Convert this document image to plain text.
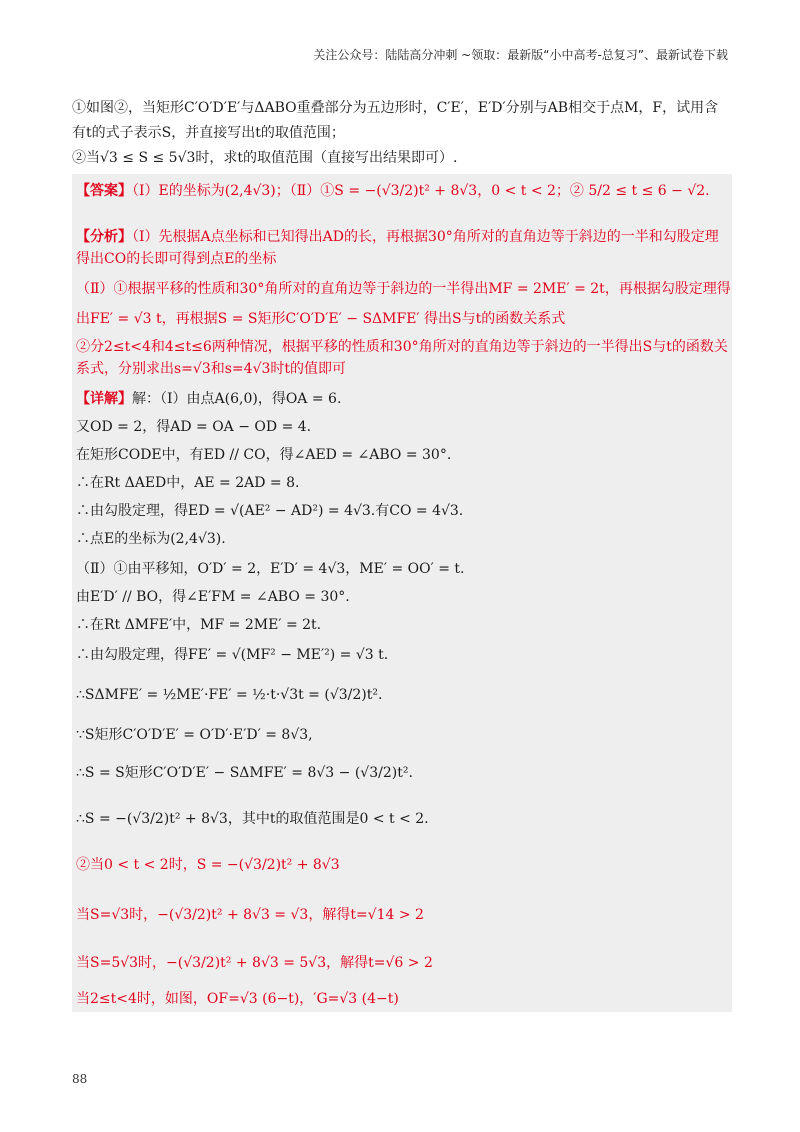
关注公众号：陆陆高分冲刺 ~领取：最新版“小中高考-总复习”、最新试卷下载

①如图②，当矩形C′O′D′E′与ΔABO重叠部分为五边形时，C′E′，E′D′分别与AB相交于点M，F，试用含有t的式子表示S，并直接写出t的取值范围；

②当√3 ≤ S ≤ 5√3时，求t的取值范围（直接写出结果即可）.

【答案】（Ⅰ）E的坐标为(2,4√3)；（Ⅱ）①S = −(√3/2)t² + 8√3，0 < t < 2；② 5/2 ≤ t ≤ 6 − √2.
【分析】（Ⅰ）先根据A点坐标和已知得出AD的长，再根据30°角所对的直角边等于斜边的一半和勾股定理得出CO的长即可得到点E的坐标
（Ⅱ）①根据平移的性质和30°角所对的直角边等于斜边的一半得出MF = 2ME′ = 2t，再根据勾股定理得
出FE′ = √3 t，再根据S = S矩形C′O′D′E′ − SΔMFE′ 得出S与t的函数关系式
②分2≤t<4和4≤t≤6两种情况，根据平移的性质和30°角所对的直角边等于斜边的一半得出S与t的函数关系式，分别求出s=√3和s=4√3时t的值即可
【详解】解：（Ⅰ）由点A(6,0)，得OA = 6.
又OD = 2，得AD = OA − OD = 4.
在矩形CODE中，有ED // CO，得∠AED = ∠ABO = 30°.
∴在Rt ΔAED中，AE = 2AD = 8.
∴由勾股定理，得ED = √(AE² − AD²) = 4√3.有CO = 4√3.
∴点E的坐标为(2,4√3).
（Ⅱ）①由平移知，O′D′ = 2，E′D′ = 4√3，ME′ = OO′ = t.
由E′D′ // BO，得∠E′FM = ∠ABO = 30°.
∴在Rt ΔMFE′中，MF = 2ME′ = 2t.
∴由勾股定理，得FE′ = √(MF² − ME′²) = √3 t.
∴SΔMFE′ = ½ME′·FE′ = ½·t·√3t = (√3/2)t².
∵S矩形C′O′D′E′ = O′D′·E′D′ = 8√3,
∴S = S矩形C′O′D′E′ − SΔMFE′ = 8√3 − (√3/2)t².
∴S = −(√3/2)t² + 8√3，其中t的取值范围是0 < t < 2.
②当0 < t < 2时，S = −(√3/2)t² + 8√3
当S=√3时，−(√3/2)t² + 8√3 = √3，解得t=√14 > 2
当S=5√3时，−(√3/2)t² + 8√3 = 5√3，解得t=√6 > 2
当2≤t<4时，如图，OF=√3 (6−t)，′G=√3 (4−t)
88
